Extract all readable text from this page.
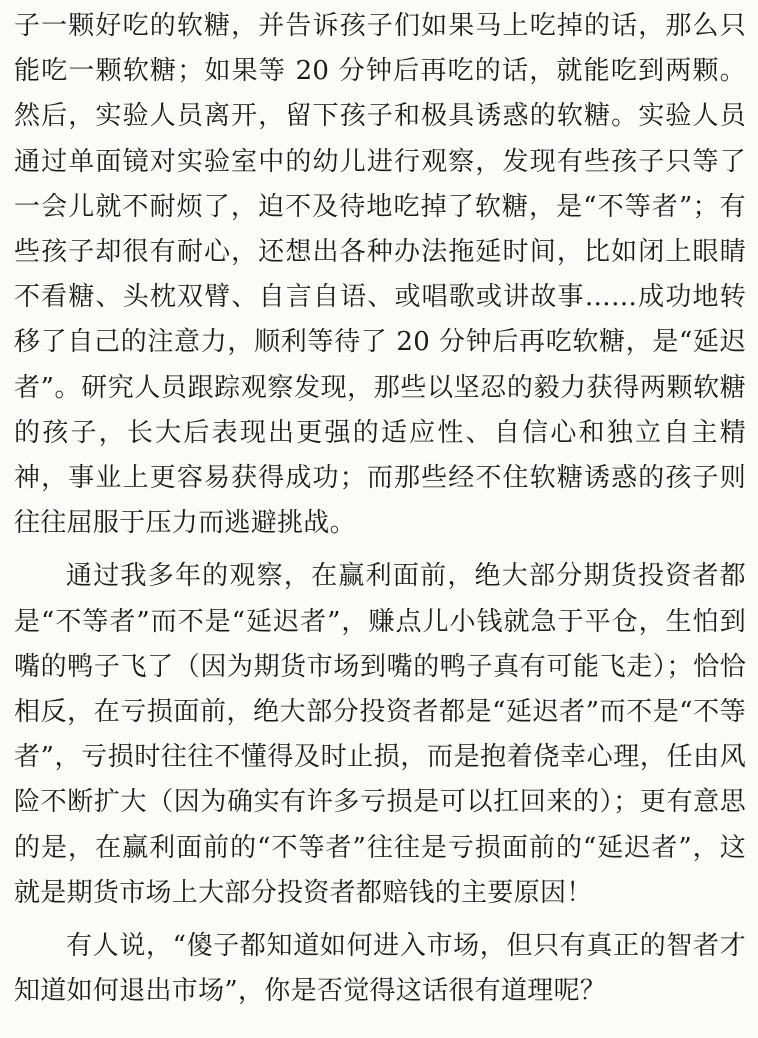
子一颗好吃的软糖，并告诉孩子们如果马上吃掉的话，那么只能吃一颗软糖；如果等 20 分钟后再吃的话，就能吃到两颗。然后，实验人员离开，留下孩子和极具诱惑的软糖。实验人员通过单面镜对实验室中的幼儿进行观察，发现有些孩子只等了一会儿就不耐烦了，迫不及待地吃掉了软糖，是“不等者”；有些孩子却很有耐心，还想出各种办法拖延时间，比如闭上眼睛不看糖、头枕双臂、自言自语、或唱歌或讲故事……成功地转移了自己的注意力，顺利等待了 20 分钟后再吃软糖，是“延迟者”。研究人员跟踪观察发现，那些以坚忍的毅力获得两颗软糖的孩子，长大后表现出更强的适应性、自信心和独立自主精神，事业上更容易获得成功；而那些经不住软糖诱惑的孩子则往往屈服于压力而逃避挑战。

通过我多年的观察，在赢利面前，绝大部分期货投资者都是“不等者”而不是“延迟者”，赚点儿小钱就急于平仓，生怕到嘴的鸭子飞了（因为期货市场到嘴的鸭子真有可能飞走）；恰恰相反，在亏损面前，绝大部分投资者都是“延迟者”而不是“不等者”，亏损时往往不懂得及时止损，而是抱着侥幸心理，任由风险不断扩大（因为确实有许多亏损是可以扛回来的）；更有意思的是，在赢利面前的“不等者”往往是亏损面前的“延迟者”，这就是期货市场上大部分投资者都赔钱的主要原因！

有人说，“傻子都知道如何进入市场，但只有真正的智者才知道如何退出市场”，你是否觉得这话很有道理呢？
